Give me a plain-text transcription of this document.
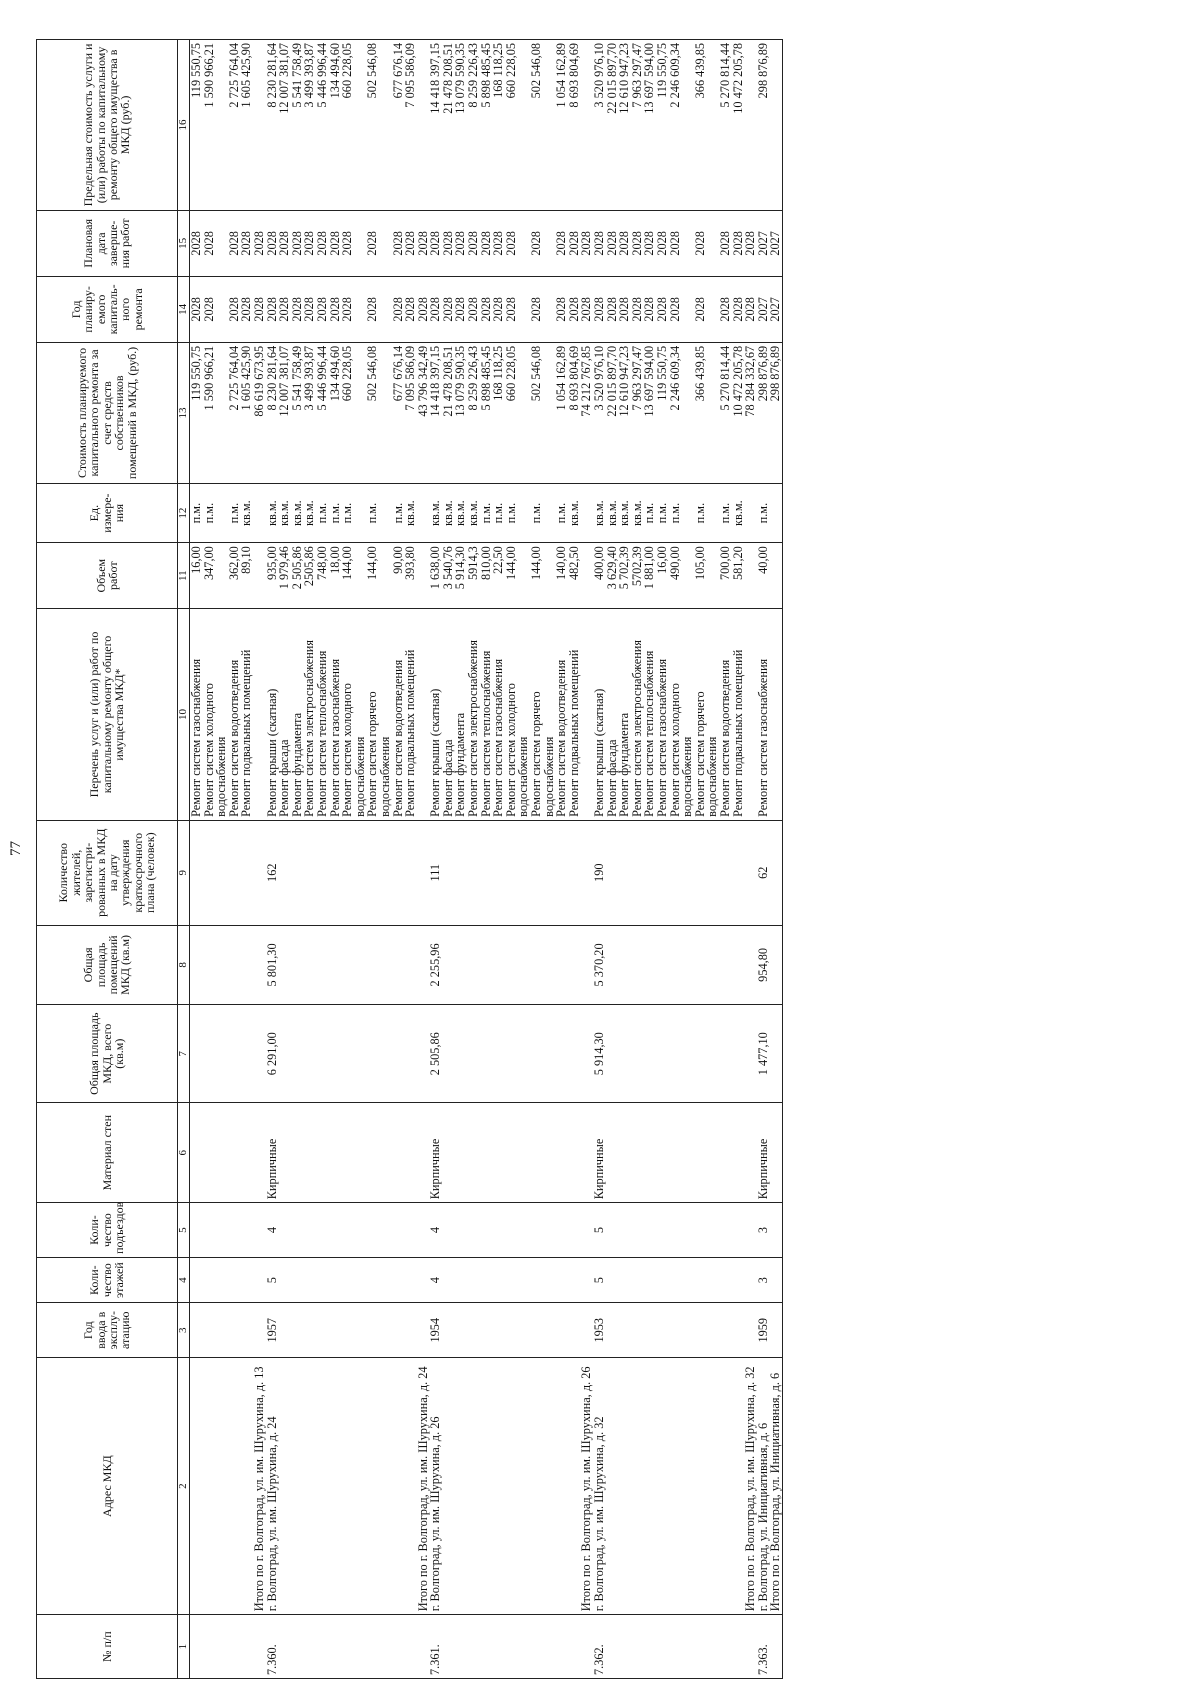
77
№ п/п	Адрес МКД	Год ввода в эксплу-атацию	Коли-чество этажей	Коли-чество подъездов	Материал стен	Общая площадь МКД, всего (кв.м)	Общая площадь помещений МКД (кв.м)	Количество жителей, зарегистри-рованных в МКД на дату утверждения краткосрочного плана (человек)	Перечень услуг и (или) работ по капитальному ремонту общего имущества МКД*	Объем работ	Ед. измере-ния	Стоимость планируемого капитального ремонта за счет средств собственников помещений в МКД, (руб.)	Год планиру-емого капиталь-ного ремонта	Плановая дата заверше-ния работ	Предельная стоимость услуги и (или) работы по капитальному ремонту общего имущества в МКД (руб.)
1	2	3	4	5	6	7	8	9	10	11	12	13	14	15	16
									Ремонт систем газоснабжения	16,00	п.м.	119 550,75	2028	2028	119 550,75
									Ремонт систем холодного водоснабжения	347,00	п.м.	1 590 966,21	2028	2028	1 590 966,21
									Ремонт систем водоотведения	362,00	п.м.	2 725 764,04	2028	2028	2 725 764,04
									Ремонт подвальных помещений	89,10	кв.м.	1 605 425,90	2028	2028	1 605 425,90
	Итого по г. Волгоград, ул. им. Шурухина, д. 13											86 619 673,95	2028	2028	
7.360.	г. Волгоград, ул. им. Шурухина, д. 24	1957	5	4	Кирпичные	6 291,00	5 801,30	162	Ремонт крыши (скатная)	935,00	кв.м.	8 230 281,64	2028	2028	8 230 281,64
									Ремонт фасада	1 979,46	кв.м.	12 007 381,07	2028	2028	12 007 381,07
									Ремонт фундамента	2 505,86	кв.м.	5 541 758,49	2028	2028	5 541 758,49
									Ремонт систем электроснабжения	2505,86	кв.м.	3 499 393,87	2028	2028	3 499 393,87
									Ремонт систем теплоснабжения	748,00	п.м.	5 446 996,44	2028	2028	5 446 996,44
									Ремонт систем газоснабжения	18,00	п.м.	134 494,60	2028	2028	134 494,60
									Ремонт систем холодного водоснабжения	144,00	п.м.	660 228,05	2028	2028	660 228,05
									Ремонт систем горячего водоснабжения	144,00	п.м.	502 546,08	2028	2028	502 546,08
									Ремонт систем водоотведения	90,00	п.м.	677 676,14	2028	2028	677 676,14
									Ремонт подвальных помещений	393,80	кв.м.	7 095 586,09	2028	2028	7 095 586,09
	Итого по г. Волгоград, ул. им. Шурухина, д. 24											43 796 342,49	2028	2028	
7.361.	г. Волгоград, ул. им. Шурухина, д. 26	1954	4	4	Кирпичные	2 505,86	2 255,96	111	Ремонт крыши (скатная)	1 638,00	кв.м.	14 418 397,15	2028	2028	14 418 397,15
									Ремонт фасада	3 540,76	кв.м.	21 478 208,51	2028	2028	21 478 208,51
									Ремонт фундамента	5 914,30	кв.м.	13 079 590,35	2028	2028	13 079 590,35
									Ремонт систем электроснабжения	5914,3	кв.м.	8 259 226,43	2028	2028	8 259 226,43
									Ремонт систем теплоснабжения	810,00	п.м.	5 898 485,45	2028	2028	5 898 485,45
									Ремонт систем газоснабжения	22,50	п.м.	168 118,25	2028	2028	168 118,25
									Ремонт систем холодного водоснабжения	144,00	п.м.	660 228,05	2028	2028	660 228,05
									Ремонт систем горячего водоснабжения	144,00	п.м.	502 546,08	2028	2028	502 546,08
									Ремонт систем водоотведения	140,00	п.м.	1 054 162,89	2028	2028	1 054 162,89
									Ремонт подвальных помещений	482,50	кв.м.	8 693 804,69	2028	2028	8 693 804,69
	Итого по г. Волгоград, ул. им. Шурухина, д. 26											74 212 767,85	2028	2028	
7.362.	г. Волгоград, ул. им. Шурухина, д. 32	1953	5	5	Кирпичные	5 914,30	5 370,20	190	Ремонт крыши (скатная)	400,00	кв.м.	3 520 976,10	2028	2028	3 520 976,10
									Ремонт фасада	3 629,40	кв.м.	22 015 897,70	2028	2028	22 015 897,70
									Ремонт фундамента	5 702,39	кв.м.	12 610 947,23	2028	2028	12 610 947,23
									Ремонт систем электроснабжения	5702,39	кв.м.	7 963 297,47	2028	2028	7 963 297,47
									Ремонт систем теплоснабжения	1 881,00	п.м.	13 697 594,00	2028	2028	13 697 594,00
									Ремонт систем газоснабжения	16,00	п.м.	119 550,75	2028	2028	119 550,75
									Ремонт систем холодного водоснабжения	490,00	п.м.	2 246 609,34	2028	2028	2 246 609,34
									Ремонт систем горячего водоснабжения	105,00	п.м.	366 439,85	2028	2028	366 439,85
									Ремонт систем водоотведения	700,00	п.м.	5 270 814,44	2028	2028	5 270 814,44
									Ремонт подвальных помещений	581,20	кв.м.	10 472 205,78	2028	2028	10 472 205,78
	Итого по г. Волгоград, ул. им. Шурухина, д. 32											78 284 332,67	2028	2028	
7.363.	г. Волгоград, ул. Инициативная, д. 6	1959	3	3	Кирпичные	1 477,10	954,80	62	Ремонт систем газоснабжения	40,00	п.м.	298 876,89	2027	2027	298 876,89
	Итого по г. Волгоград, ул. Инициативная, д. 6											298 876,89	2027	2027	
